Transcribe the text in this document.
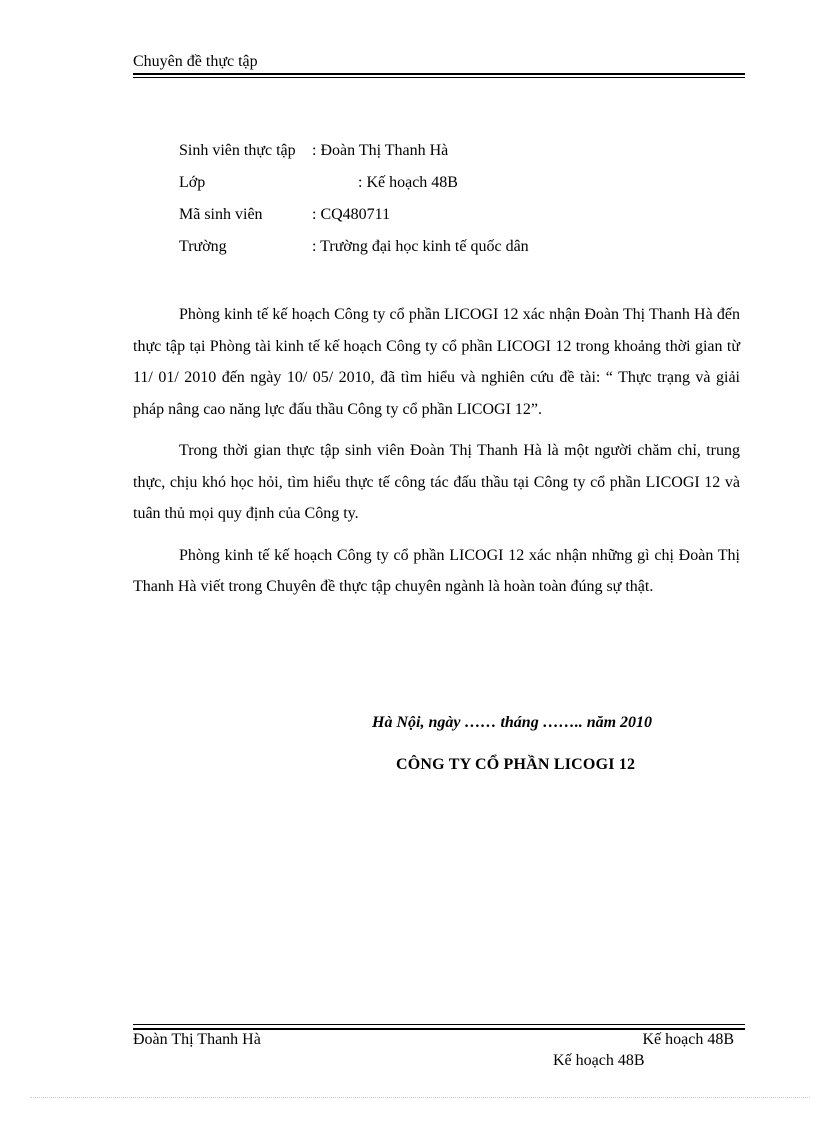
Chuyên đề thực tập
Sinh viên thực tập : Đoàn Thị Thanh Hà
Lớp	: Kế hoạch 48B
Mã sinh viên	: CQ480711
Trường	: Trường đại học kinh tế quốc dân

Phòng kinh tế kế hoạch Công ty cổ phần LICOGI 12 xác nhận Đoàn Thị Thanh Hà đến thực tập tại Phòng tài kinh tế kế hoạch Công ty cổ phần LICOGI 12 trong khoảng thời gian từ 11/ 01/ 2010 đến ngày 10/ 05/ 2010, đã tìm hiểu và nghiên cứu đề tài: “ Thực trạng và giải pháp nâng cao năng lực đấu thầu Công ty cổ phần LICOGI 12”.

Trong thời gian thực tập sinh viên Đoàn Thị Thanh Hà là một người chăm chỉ, trung thực, chịu khó học hỏi, tìm hiểu thực tế công tác đấu thầu tại Công ty cổ phần LICOGI 12 và tuân thủ mọi quy định của Công ty.

Phòng kinh tế kế hoạch Công ty cổ phần LICOGI 12 xác nhận những gì chị Đoàn Thị Thanh Hà viết trong Chuyên đề thực tập chuyên ngành là hoàn toàn đúng sự thật.

Hà Nội, ngày …… tháng …….. năm 2010
CÔNG TY CỔ PHẦN LICOGI 12
Đoàn Thị Thanh Hà	Kế hoạch 48B
Kế hoạch 48B
